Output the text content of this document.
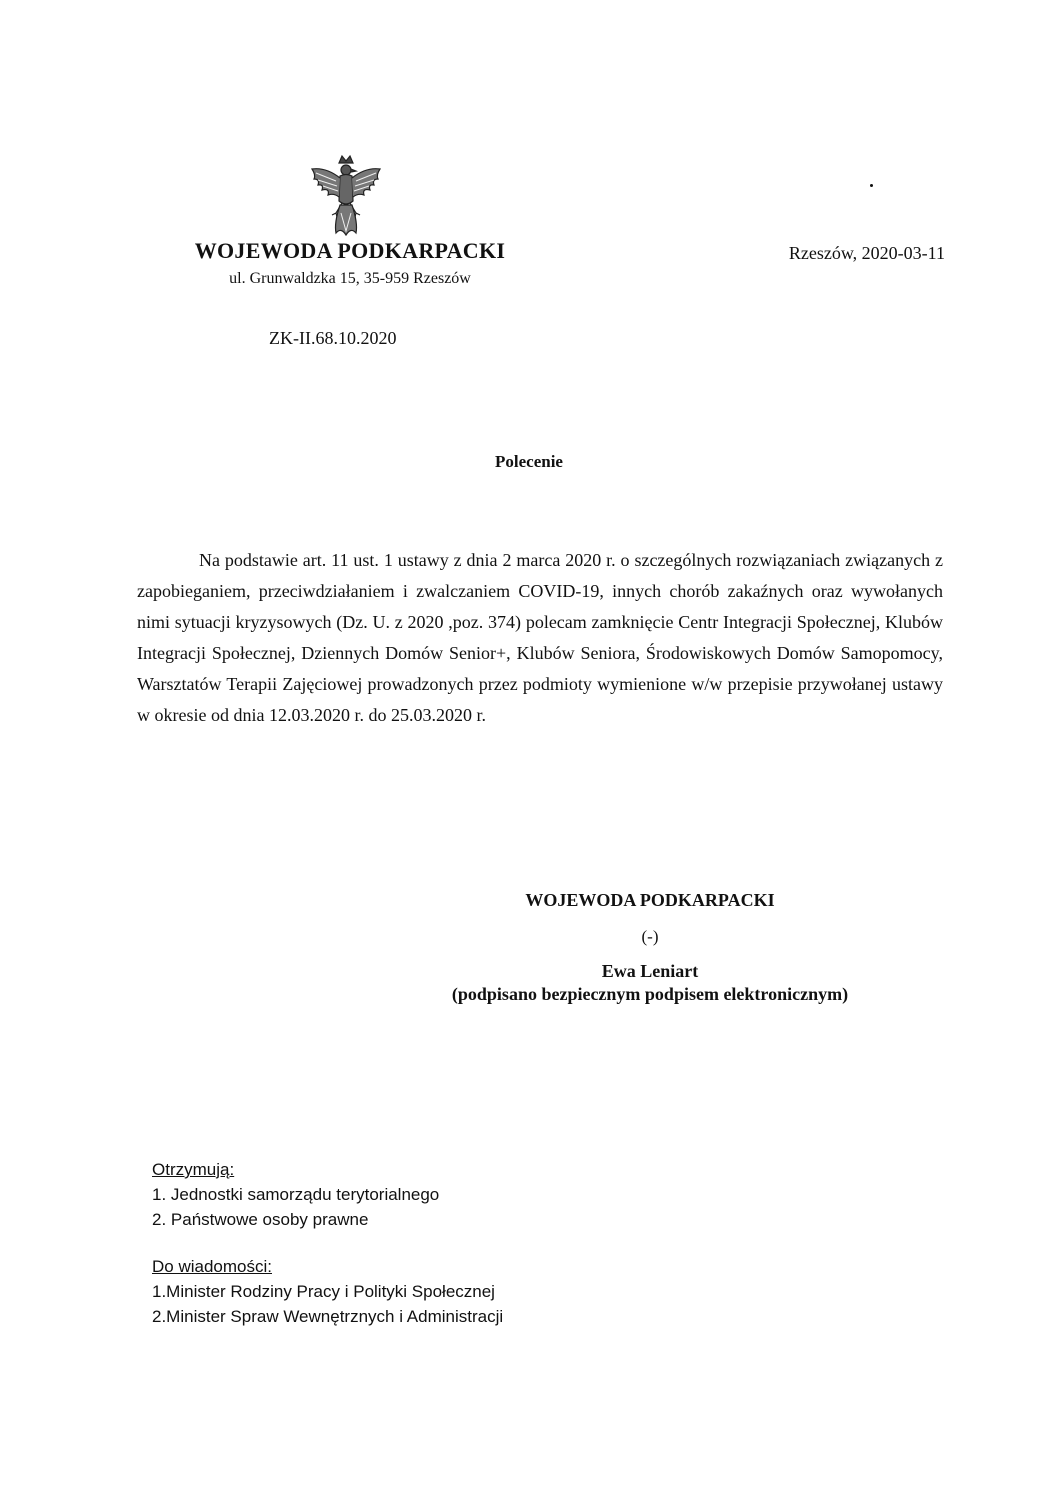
WOJEWODA PODKARPACKI
ul. Grunwaldzka 15, 35-959 Rzeszów
Rzeszów, 2020-03-11
ZK-II.68.10.2020
Polecenie

Na podstawie art. 11 ust. 1 ustawy z dnia 2 marca 2020 r. o szczególnych rozwiązaniach związanych z zapobieganiem, przeciwdziałaniem i zwalczaniem COVID-19, innych chorób zakaźnych oraz wywołanych nimi sytuacji kryzysowych (Dz. U. z 2020 ,poz. 374) polecam zamknięcie Centr Integracji Społecznej, Klubów Integracji Społecznej, Dziennych Domów Senior+, Klubów Seniora, Środowiskowych Domów Samopomocy, Warsztatów Terapii Zajęciowej prowadzonych przez podmioty wymienione w/w przepisie przywołanej ustawy w okresie od dnia 12.03.2020 r. do 25.03.2020 r.

WOJEWODA PODKARPACKI
(-)
Ewa Leniart
(podpisano bezpiecznym podpisem elektronicznym)
Otrzymują:
1. Jednostki samorządu terytorialnego
2. Państwowe osoby prawne
Do wiadomości:
1.Minister Rodziny Pracy i Polityki Społecznej
2.Minister Spraw Wewnętrznych i Administracji
